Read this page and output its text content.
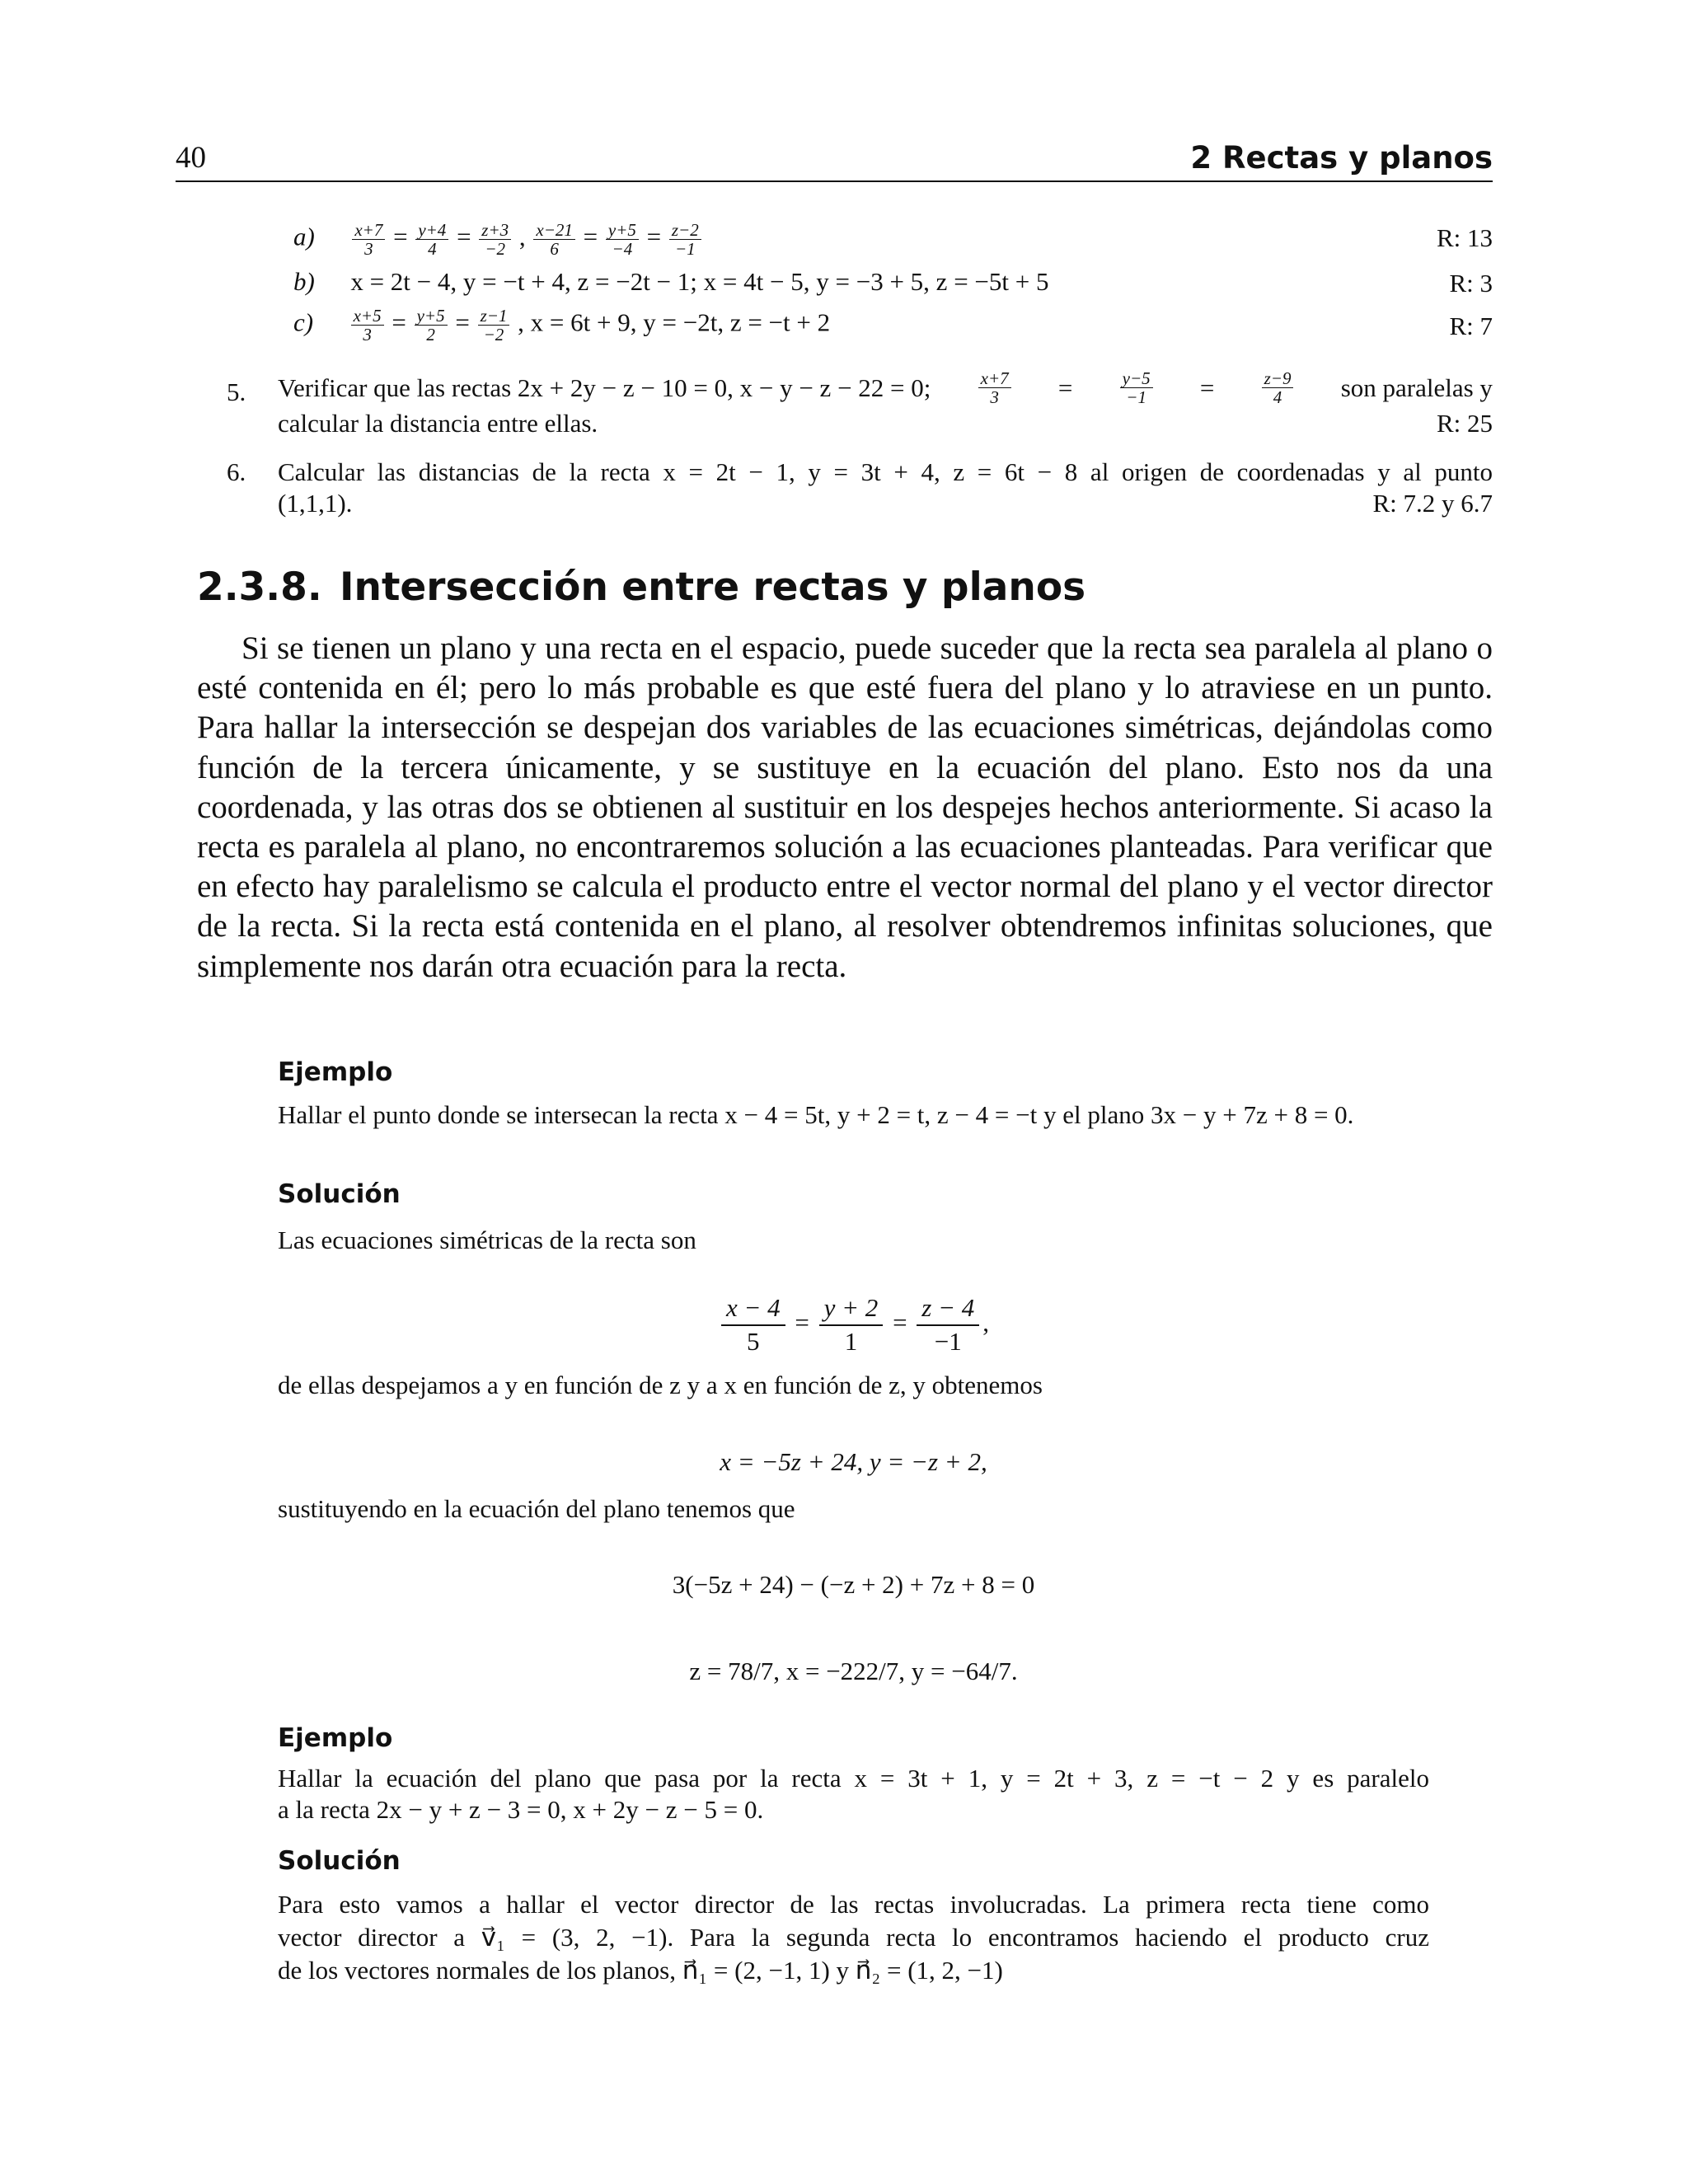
40	2 Rectas y planos
$a) \frac{x+7}{3} = \frac{y+4}{4} = \frac{z+3}{-2}$ , $\frac{x-21}{6} = \frac{y+5}{-4} = \frac{z-2}{-1}$	R: 13
b) x = 2t − 4, y = −t + 4, z = −2t − 1; x = 4t − 5, y = −3 + 5, z = −5t + 5	R: 3
$c) \frac{x+5}{3} = \frac{y+5}{2} = \frac{z-1}{-2}$ , x = 6t + 9, y = −2t, z = −t + 2	R: 7
5. Verificar que las rectas 2x + 2y − z − 10 = 0, x − y − z − 22 = 0;	$\frac{x+7}{3}$ =	$\frac{y-5}{-1}$ =	$\frac{z-9}{4}$ son paralelas y
calcular la distancia entre ellas.	R: 25
6. Calcular las distancias de la recta x = 2t − 1, y = 3t + 4, z = 6t − 8 al origen de coordenadas y al punto
(1,1,1).	R: 7.2 y 6.7
2.3.8. Intersección entre rectas y planos

Si se tienen un plano y una recta en el espacio, puede suceder que la recta sea paralela al plano o esté contenida en él; pero lo más probable es que esté fuera del plano y lo atraviese en un punto. Para hallar la intersección se despejan dos variables de las ecuaciones simétricas, dejándolas como función de la tercera únicamente, y se sustituye en la ecuación del plano. Esto nos da una coordenada, y las otras dos se obtienen al sustituir en los despejes hechos anteriormente. Si acaso la recta es paralela al plano, no encontraremos solución a las ecuaciones planteadas. Para verificar que en efecto hay paralelismo se calcula el producto entre el vector normal del plano y el vector director de la recta. Si la recta está contenida en el plano, al resolver obtendremos infinitas soluciones, que simplemente nos darán otra ecuación para la recta.

Ejemplo

Hallar el punto donde se intersecan la recta x − 4 = 5t, y + 2 = t, z − 4 = −t y el plano 3x − y + 7z + 8 = 0.

Solución
Las ecuaciones simétricas de la recta son
$\frac{x - 4}{5} = \frac{y + 2}{1} = \frac{z - 4}{-1}$ ,
de ellas despejamos a y en función de z y a x en función de z, y obtenemos
x = −5z + 24, y = −z + 2,
sustituyendo en la ecuación del plano tenemos que
3(−5z + 24) − (−z + 2) + 7z + 8 = 0
z = 78/7, x = −222/7, y = −64/7.
Ejemplo
Hallar la ecuación del plano que pasa por la recta x = 3t + 1, y = 2t + 3, z = −t − 2 y es paralelo
a la recta 2x − y + z − 3 = 0, x + 2y − z − 5 = 0.
Solución
Para esto vamos a hallar el vector director de las rectas involucradas. La primera recta tiene como
vector director a v⃗₁ = (3, 2, −1). Para la segunda recta lo encontramos haciendo el producto cruz
de los vectores normales de los planos, n⃗₁ = (2, −1, 1) y n⃗₂ = (1, 2, −1)
